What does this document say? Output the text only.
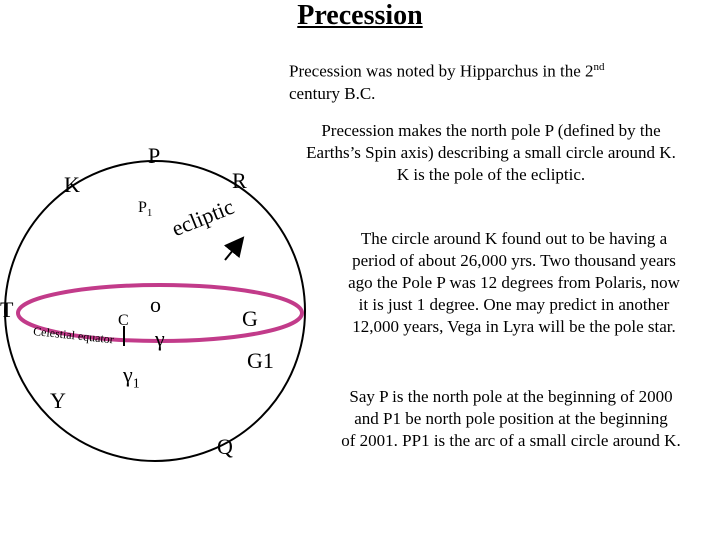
Precession
Precession was noted by Hipparchus in the 2nd
century B.C.
Precession makes the north pole P (defined by the
Earths’s Spin axis) describing a small circle around K.
K is the pole of the ecliptic.
The circle around K found out to be having a
period of about 26,000 yrs. Two thousand years
ago the Pole P was 12 degrees from Polaris, now
it is just 1 degree. One may predict in another
12,000 years, Vega in Lyra will be the pole star.
Say P is the north pole at the beginning of 2000
and P1 be north pole position at the beginning
of 2001. PP1 is the arc of a small circle around K.
P
K	R
$P_1$ ecliptic
T	C
Celestial equator
o
γ
G
G1
$\gamma_1$
Y
Q
